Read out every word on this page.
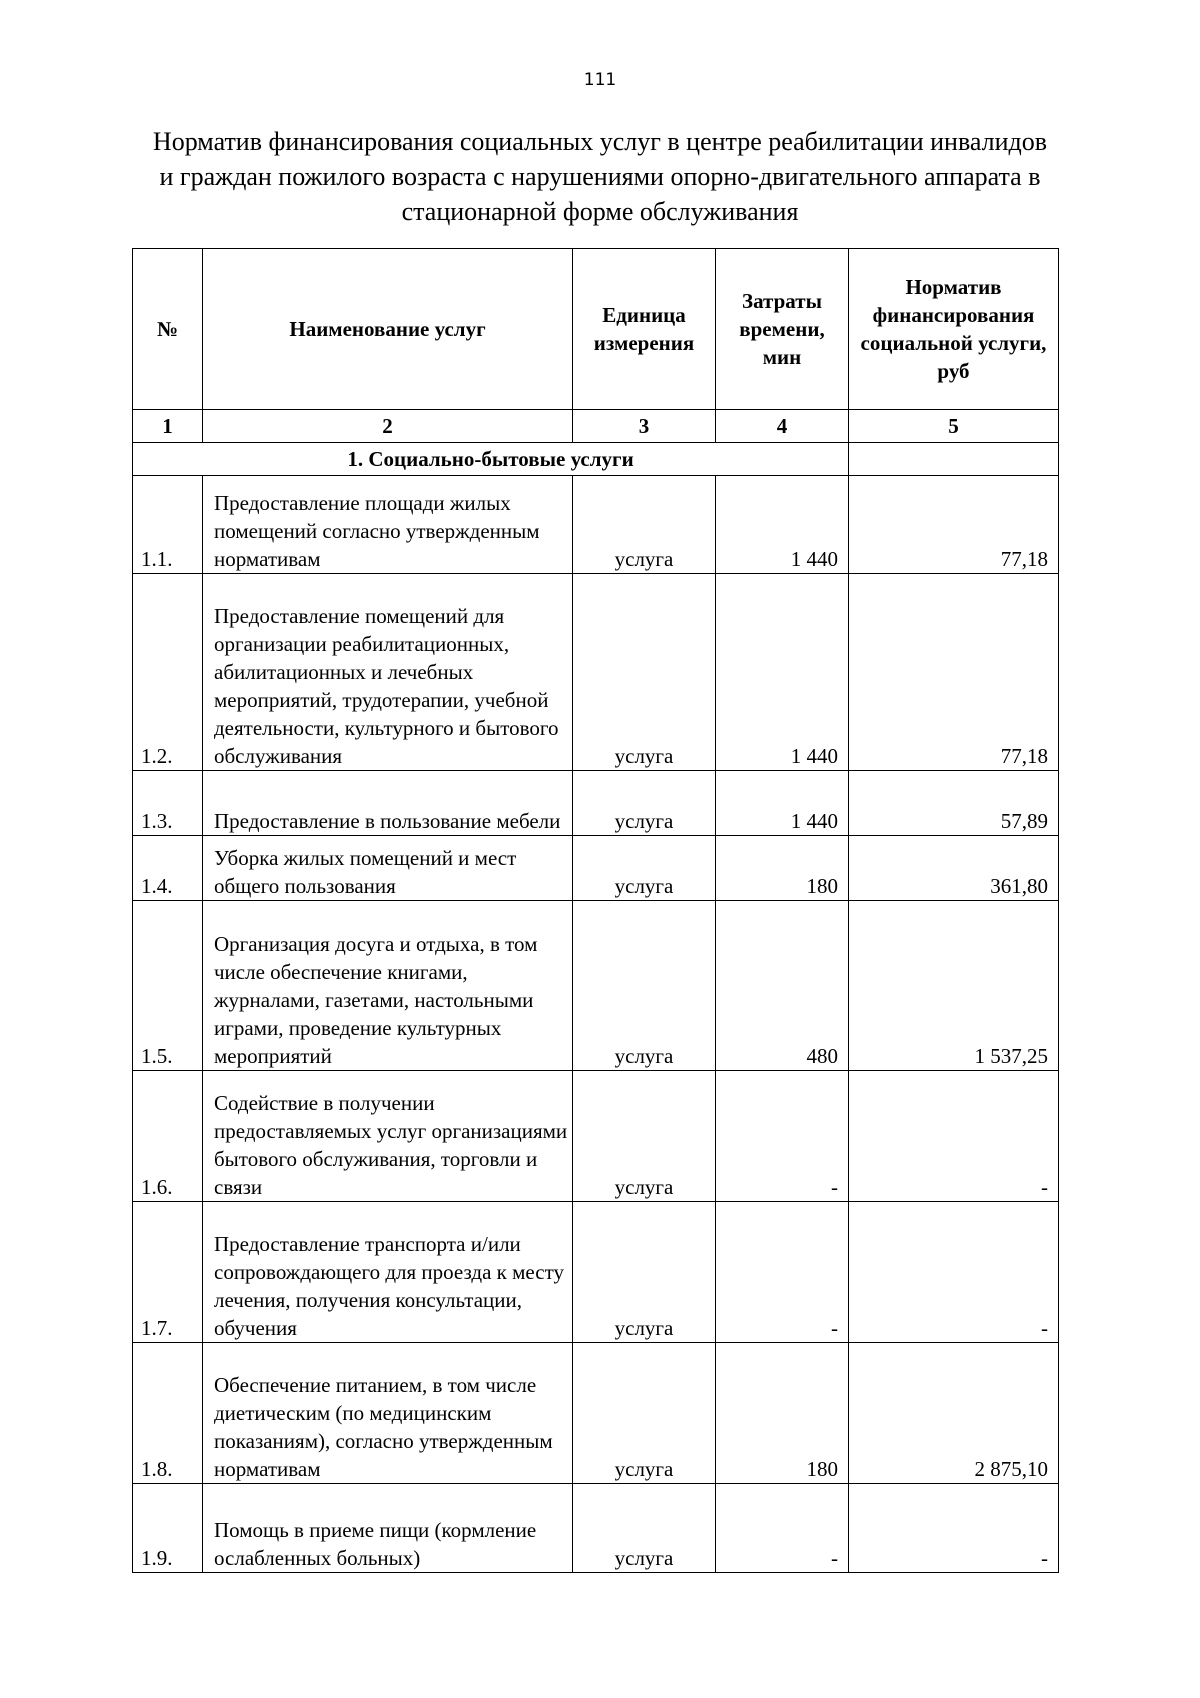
111
Норматив финансирования социальных услуг в центре реабилитации инвалидов
и граждан пожилого возраста с нарушениями опорно-двигательного аппарата в
стационарной форме обслуживания
№	Наименование услуг	Единица измерения	Затраты времени, мин	Норматив финансирования социальной услуги, руб
1	2	3	4	5
1. Социально-бытовые услуги				
1.1.	Предоставление площади жилых помещений согласно утвержденным нормативам	услуга	1 440	77,18
1.2.	Предоставление помещений для организации реабилитационных, абилитационных и лечебных мероприятий, трудотерапии, учебной деятельности, культурного и бытового обслуживания	услуга	1 440	77,18
1.3.	Предоставление в пользование мебели	услуга	1 440	57,89
1.4.	Уборка жилых помещений и мест общего пользования	услуга	180	361,80
1.5.	Организация досуга и отдыха, в том числе обеспечение книгами, журналами, газетами, настольными играми, проведение культурных мероприятий	услуга	480	1 537,25
1.6.	Содействие в получении предоставляемых услуг организациями бытового обслуживания, торговли и связи	услуга	-	-
1.7.	Предоставление транспорта и/или сопровождающего для проезда к месту лечения, получения консультации, обучения	услуга	-	-
1.8.	Обеспечение питанием, в том числе диетическим (по медицинским показаниям), согласно утвержденным нормативам	услуга	180	2 875,10
1.9.	Помощь в приеме пищи (кормление ослабленных больных)	услуга	-	-
